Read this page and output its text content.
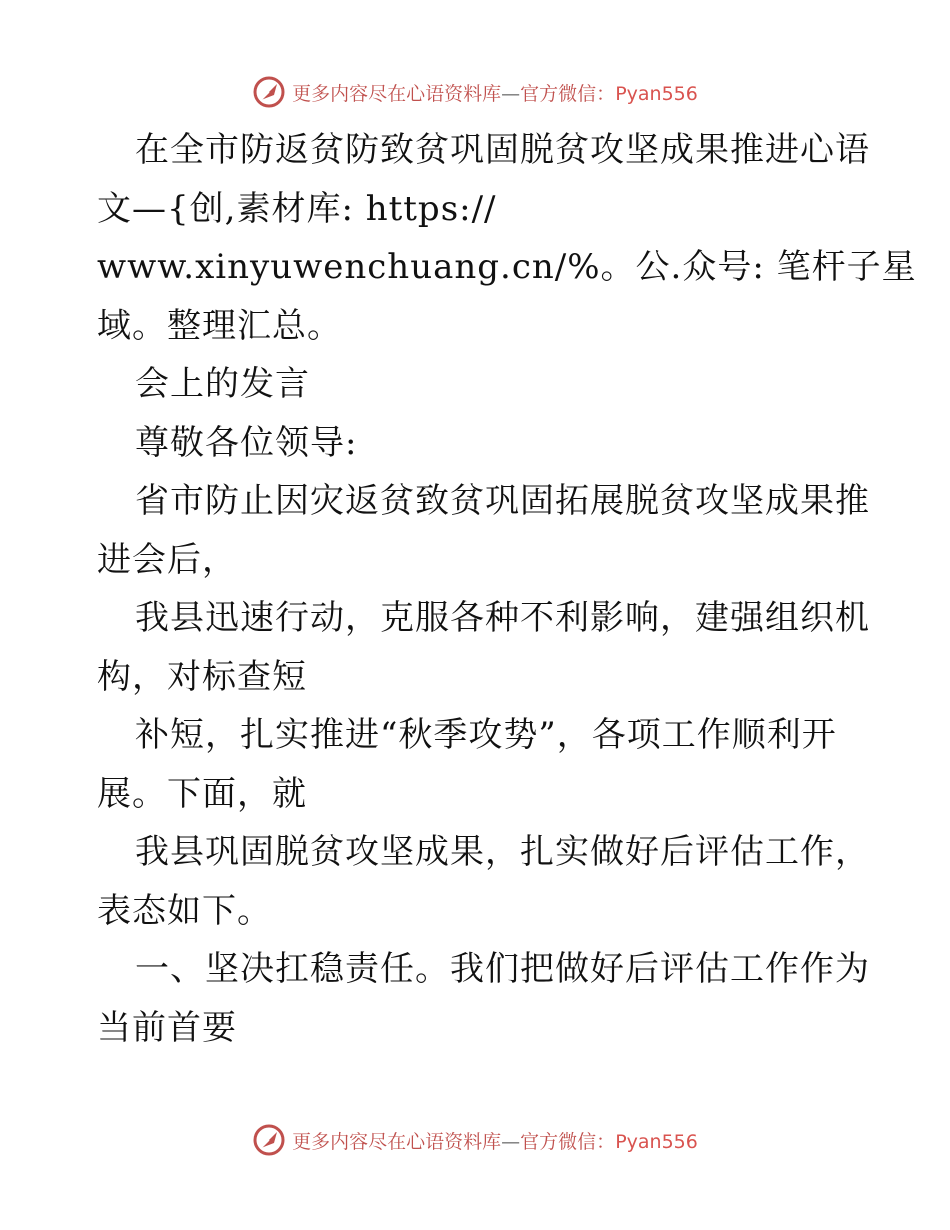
更多内容尽在心语资料库—官方微信：Pyan556
在全市防返贫防致贫巩固脱贫攻坚成果推进心语
文—{创,素材库: https://
www.xinyuwenchuang.cn/%。公.众号: 笔杆子星
域。整理汇总。
会上的发言
尊敬各位领导:
省市防止因灾返贫致贫巩固拓展脱贫攻坚成果推
进会后，
我县迅速行动，克服各种不利影响，建强组织机
构，对标查短
补短，扎实推进“秋季攻势”，各项工作顺利开
展。下面，就
我县巩固脱贫攻坚成果，扎实做好后评估工作，
表态如下。
一、坚决扛稳责任。我们把做好后评估工作作为
当前首要
更多内容尽在心语资料库—官方微信：Pyan556
